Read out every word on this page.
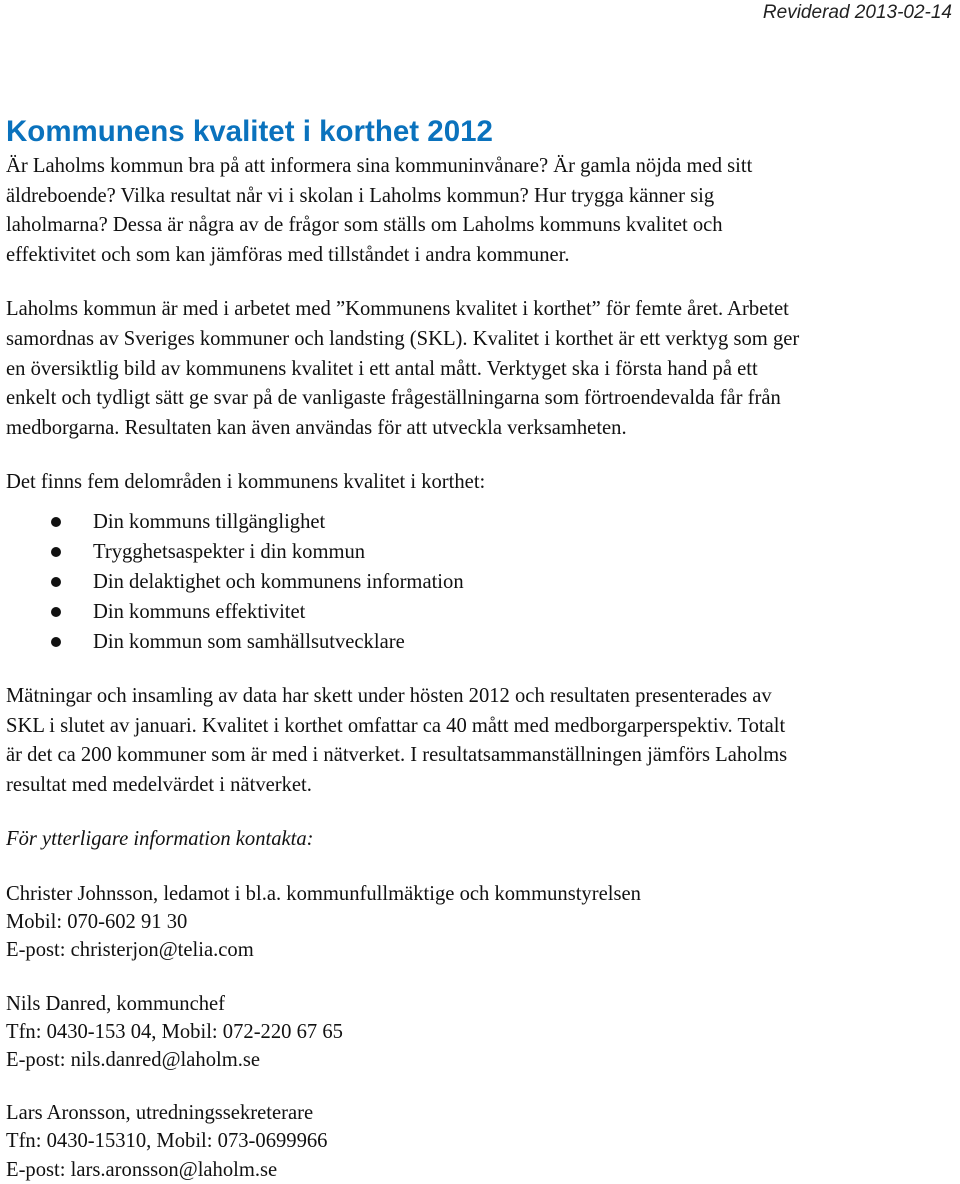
Reviderad 2013-02-14
Kommunens kvalitet i korthet 2012

Är Laholms kommun bra på att informera sina kommuninvånare? Är gamla nöjda med sitt
äldreboende? Vilka resultat når vi i skolan i Laholms kommun? Hur trygga känner sig
laholmarna? Dessa är några av de frågor som ställs om Laholms kommuns kvalitet och
effektivitet och som kan jämföras med tillståndet i andra kommuner.

Laholms kommun är med i arbetet med ”Kommunens kvalitet i korthet” för femte året. Arbetet
samordnas av Sveriges kommuner och landsting (SKL). Kvalitet i korthet är ett verktyg som ger
en översiktlig bild av kommunens kvalitet i ett antal mått. Verktyget ska i första hand på ett
enkelt och tydligt sätt ge svar på de vanligaste frågeställningarna som förtroendevalda får från
medborgarna. Resultaten kan även användas för att utveckla verksamheten.

Det finns fem delområden i kommunens kvalitet i korthet:

Din kommuns tillgänglighet
Trygghetsaspekter i din kommun
Din delaktighet och kommunens information
Din kommuns effektivitet
Din kommun som samhällsutvecklare

Mätningar och insamling av data har skett under hösten 2012 och resultaten presenterades av
SKL i slutet av januari. Kvalitet i korthet omfattar ca 40 mått med medborgarperspektiv. Totalt
är det ca 200 kommuner som är med i nätverket. I resultatsammanställningen jämförs Laholms
resultat med medelvärdet i nätverket.

För ytterligare information kontakta:

Christer Johnsson, ledamot i bl.a. kommunfullmäktige och kommunstyrelsen

Mobil: 070-602 91 30

E-post: christerjon@telia.com

Nils Danred, kommunchef

Tfn: 0430-153 04, Mobil: 072-220 67 65

E-post: nils.danred@laholm.se

Lars Aronsson, utredningssekreterare

Tfn: 0430-15310, Mobil: 073-0699966

E-post: lars.aronsson@laholm.se
